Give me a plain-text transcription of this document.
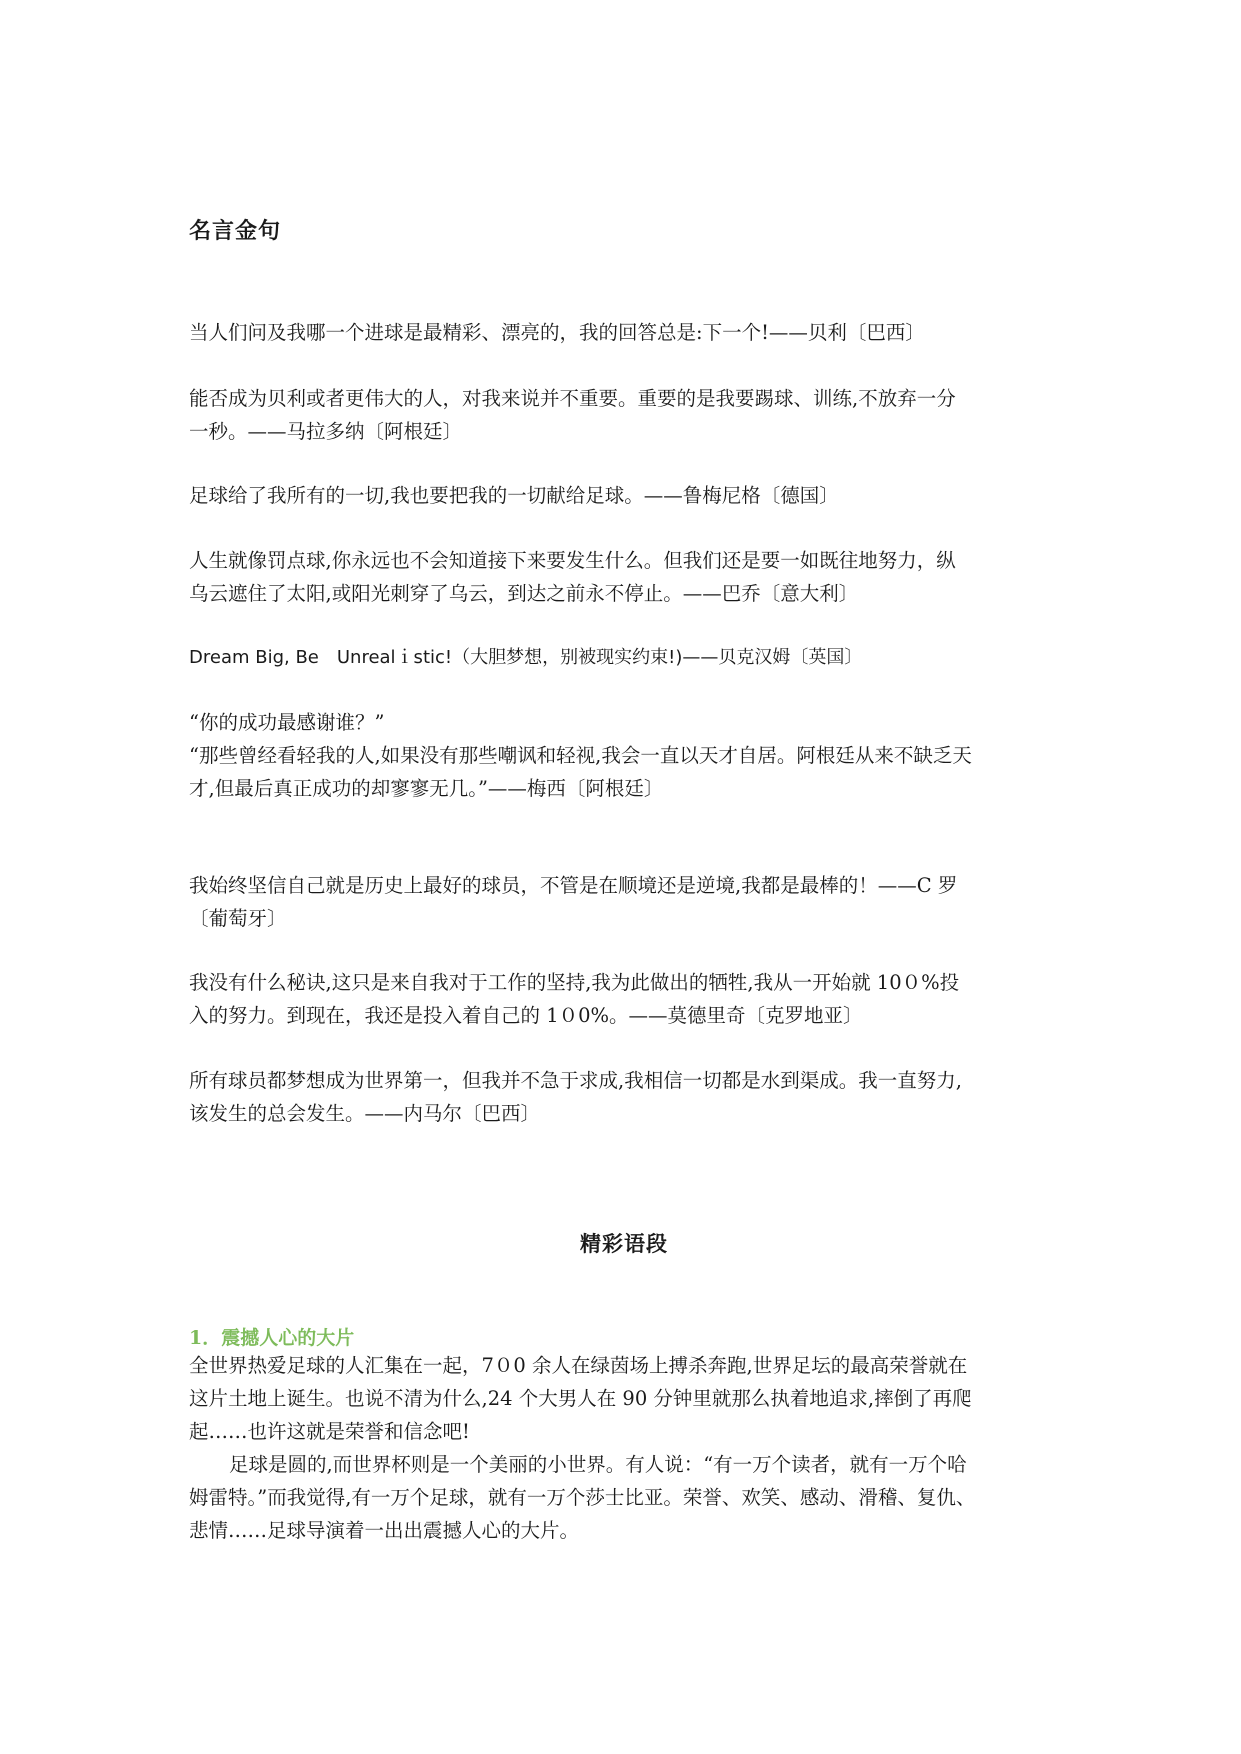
名言金句

当人们问及我哪一个进球是最精彩、漂亮的，我的回答总是:下一个!——贝利〔巴西〕

能否成为贝利或者更伟大的人，对我来说并不重要。重要的是我要踢球、训练,不放弃一分
一秒。——马拉多纳〔阿根廷〕

足球给了我所有的一切,我也要把我的一切献给足球。——鲁梅尼格〔德国〕

人生就像罚点球,你永远也不会知道接下来要发生什么。但我们还是要一如既往地努力，纵
乌云遮住了太阳,或阳光刺穿了乌云，到达之前永不停止。——巴乔〔意大利〕

Dream Big, Be　Unrealｉstic!（大胆梦想，别被现实约束!)——贝克汉姆〔英国〕

“你的成功最感谢谁？”
“那些曾经看轻我的人,如果没有那些嘲讽和轻视,我会一直以天才自居。阿根廷从来不缺乏天
才,但最后真正成功的却寥寥无几。”——梅西〔阿根廷〕

我始终坚信自己就是历史上最好的球员，不管是在顺境还是逆境,我都是最棒的！——C 罗
〔葡萄牙〕

我没有什么秘诀,这只是来自我对于工作的坚持,我为此做出的牺牲,我从一开始就 10０%投
入的努力。到现在，我还是投入着自己的 1０0%。——莫德里奇〔克罗地亚〕

所有球员都梦想成为世界第一，但我并不急于求成,我相信一切都是水到渠成。我一直努力,
该发生的总会发生。——内马尔〔巴西〕

精彩语段
1．震撼人心的大片

全世界热爱足球的人汇集在一起，7０0 余人在绿茵场上搏杀奔跑,世界足坛的最高荣誉就在
这片土地上诞生。也说不清为什么,24 个大男人在 90 分钟里就那么执着地追求,摔倒了再爬
起……也许这就是荣誉和信念吧!

足球是圆的,而世界杯则是一个美丽的小世界。有人说：“有一万个读者，就有一万个哈
姆雷特。”而我觉得,有一万个足球，就有一万个莎士比亚。荣誉、欢笑、感动、滑稽、复仇、
悲情……足球导演着一出出震撼人心的大片。
